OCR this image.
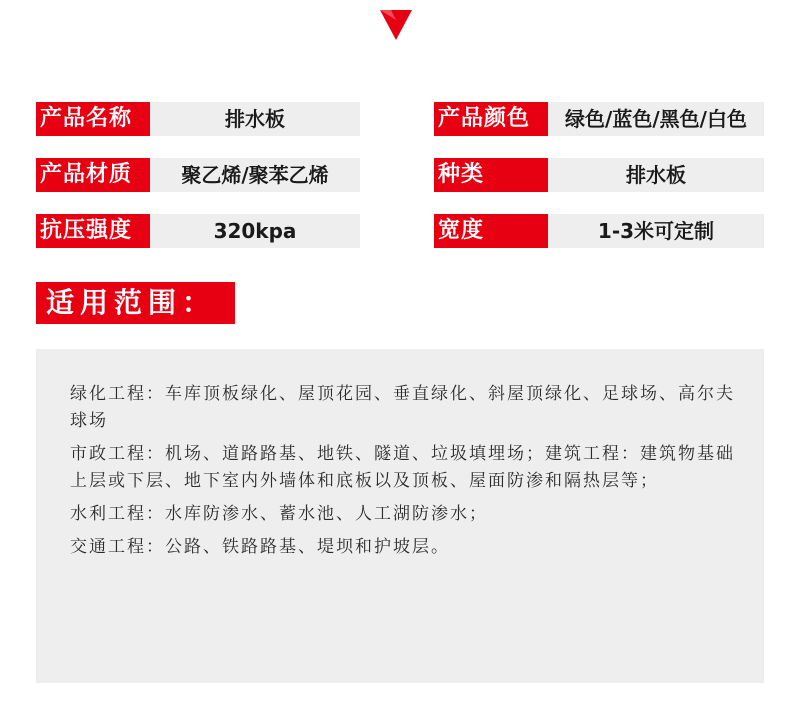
产品名称	排水板
产品材质	聚乙烯/聚苯乙烯
抗压强度	320kpa
产品颜色	绿色/蓝色/黑色/白色
种类	排水板
宽度	1-3米可定制
适用范围：

绿化工程：车库顶板绿化、屋顶花园、垂直绿化、斜屋顶绿化、足球场、高尔夫球场

市政工程：机场、道路路基、地铁、隧道、垃圾填埋场；建筑工程：建筑物基础上层或下层、地下室内外墙体和底板以及顶板、屋面防渗和隔热层等；

水利工程：水库防渗水、蓄水池、人工湖防渗水；

交通工程：公路、铁路路基、堤坝和护坡层。
